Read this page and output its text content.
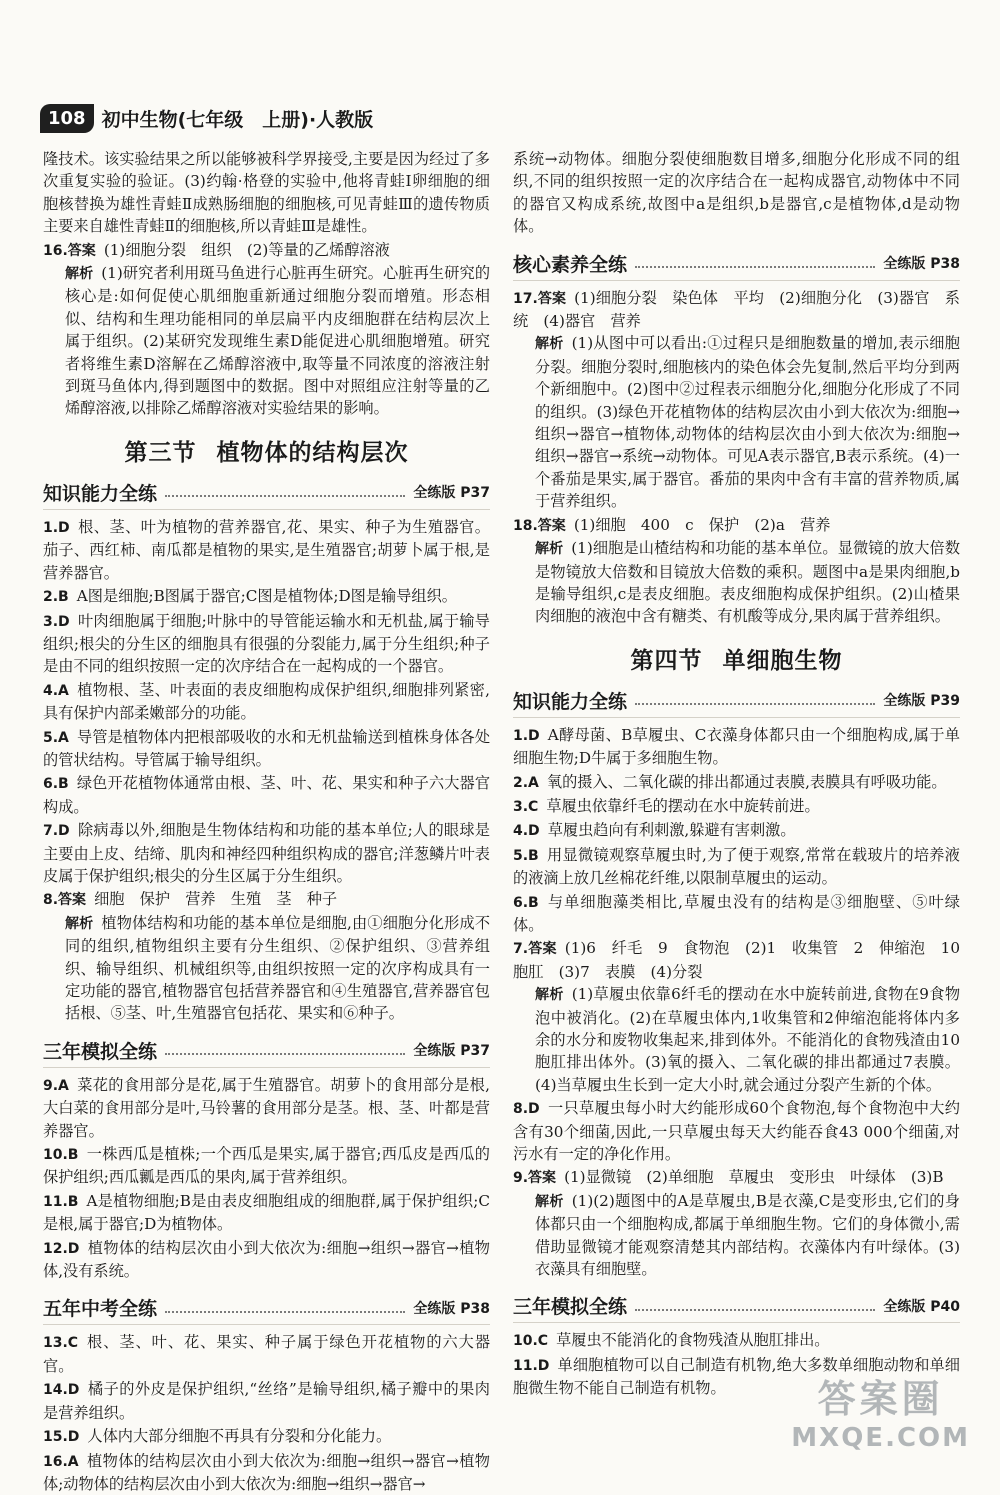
108 初中生物(七年级　上册)·人教版

隆技术。该实验结果之所以能够被科学界接受,主要是因为经过了多次重复实验的验证。(3)约翰·格登的实验中,他将青蛙Ⅰ卵细胞的细胞核替换为雄性青蛙Ⅱ成熟肠细胞的细胞核,可见青蛙Ⅲ的遗传物质主要来自雄性青蛙Ⅱ的细胞核,所以青蛙Ⅲ是雄性。

16.答案 (1)细胞分裂　组织　(2)等量的乙烯醇溶液

解析 (1)研究者利用斑马鱼进行心脏再生研究。心脏再生研究的核心是:如何促使心肌细胞重新通过细胞分裂而增殖。形态相似、结构和生理功能相同的单层扁平内皮细胞群在结构层次上属于组织。(2)某研究发现维生素D能促进心肌细胞增殖。研究者将维生素D溶解在乙烯醇溶液中,取等量不同浓度的溶液注射到斑马鱼体内,得到题图中的数据。图中对照组应注射等量的乙烯醇溶液,以排除乙烯醇溶液对实验结果的影响。

第三节 植物体的结构层次
知识能力全练	全练版 P37

1.D 根、茎、叶为植物的营养器官,花、果实、种子为生殖器官。茄子、西红柿、南瓜都是植物的果实,是生殖器官;胡萝卜属于根,是营养器官。

2.B A图是细胞;B图属于器官;C图是植物体;D图是输导组织。

3.D 叶肉细胞属于细胞;叶脉中的导管能运输水和无机盐,属于输导组织;根尖的分生区的细胞具有很强的分裂能力,属于分生组织;种子是由不同的组织按照一定的次序结合在一起构成的一个器官。

4.A 植物根、茎、叶表面的表皮细胞构成保护组织,细胞排列紧密,具有保护内部柔嫩部分的功能。

5.A 导管是植物体内把根部吸收的水和无机盐输送到植株身体各处的管状结构。导管属于输导组织。

6.B 绿色开花植物体通常由根、茎、叶、花、果实和种子六大器官构成。

7.D 除病毒以外,细胞是生物体结构和功能的基本单位;人的眼球是主要由上皮、结缔、肌肉和神经四种组织构成的器官;洋葱鳞片叶表皮属于保护组织;根尖的分生区属于分生组织。

8.答案 细胞　保护　营养　生殖　茎　种子

解析 植物体结构和功能的基本单位是细胞,由①细胞分化形成不同的组织,植物组织主要有分生组织、②保护组织、③营养组织、输导组织、机械组织等,由组织按照一定的次序构成具有一定功能的器官,植物器官包括营养器官和④生殖器官,营养器官包括根、⑤茎、叶,生殖器官包括花、果实和⑥种子。

三年模拟全练	全练版 P37

9.A 菜花的食用部分是花,属于生殖器官。胡萝卜的食用部分是根,大白菜的食用部分是叶,马铃薯的食用部分是茎。根、茎、叶都是营养器官。

10.B 一株西瓜是植株;一个西瓜是果实,属于器官;西瓜皮是西瓜的保护组织;西瓜瓤是西瓜的果肉,属于营养组织。

11.B A是植物细胞;B是由表皮细胞组成的细胞群,属于保护组织;C是根,属于器官;D为植物体。

12.D 植物体的结构层次由小到大依次为:细胞→组织→器官→植物体,没有系统。

五年中考全练	全练版 P38

13.C 根、茎、叶、花、果实、种子属于绿色开花植物的六大器官。

14.D 橘子的外皮是保护组织,“丝络”是输导组织,橘子瓣中的果肉是营养组织。

15.D 人体内大部分细胞不再具有分裂和分化能力。

16.A 植物体的结构层次由小到大依次为:细胞→组织→器官→植物体;动物体的结构层次由小到大依次为:细胞→组织→器官→

系统→动物体。细胞分裂使细胞数目增多,细胞分化形成不同的组织,不同的组织按照一定的次序结合在一起构成器官,动物体中不同的器官又构成系统,故图中a是组织,b是器官,c是植物体,d是动物体。

核心素养全练	全练版 P38

17.答案 (1)细胞分裂　染色体　平均　(2)细胞分化　(3)器官　系统　(4)器官　营养

解析 (1)从图中可以看出:①过程只是细胞数量的增加,表示细胞分裂。细胞分裂时,细胞核内的染色体会先复制,然后平均分到两个新细胞中。(2)图中②过程表示细胞分化,细胞分化形成了不同的组织。(3)绿色开花植物体的结构层次由小到大依次为:细胞→组织→器官→植物体,动物体的结构层次由小到大依次为:细胞→组织→器官→系统→动物体。可见A表示器官,B表示系统。(4)一个番茄是果实,属于器官。番茄的果肉中含有丰富的营养物质,属于营养组织。

18.答案 (1)细胞　400　c　保护　(2)a　营养

解析 (1)细胞是山楂结构和功能的基本单位。显微镜的放大倍数是物镜放大倍数和目镜放大倍数的乘积。题图中a是果肉细胞,b是输导组织,c是表皮细胞。表皮细胞构成保护组织。(2)山楂果肉细胞的液泡中含有糖类、有机酸等成分,果肉属于营养组织。

第四节 单细胞生物
知识能力全练	全练版 P39

1.D A酵母菌、B草履虫、C衣藻身体都只由一个细胞构成,属于单细胞生物;D牛属于多细胞生物。

2.A 氧的摄入、二氧化碳的排出都通过表膜,表膜具有呼吸功能。

3.C 草履虫依靠纤毛的摆动在水中旋转前进。

4.D 草履虫趋向有利刺激,躲避有害刺激。

5.B 用显微镜观察草履虫时,为了便于观察,常常在载玻片的培养液的液滴上放几丝棉花纤维,以限制草履虫的运动。

6.B 与单细胞藻类相比,草履虫没有的结构是③细胞壁、⑤叶绿体。

7.答案 (1)6　纤毛　9　食物泡　(2)1　收集管　2　伸缩泡　10　胞肛　(3)7　表膜　(4)分裂

解析 (1)草履虫依靠6纤毛的摆动在水中旋转前进,食物在9食物泡中被消化。(2)在草履虫体内,1收集管和2伸缩泡能将体内多余的水分和废物收集起来,排到体外。不能消化的食物残渣由10胞肛排出体外。(3)氧的摄入、二氧化碳的排出都通过7表膜。(4)当草履虫生长到一定大小时,就会通过分裂产生新的个体。

8.D 一只草履虫每小时大约能形成60个食物泡,每个食物泡中大约含有30个细菌,因此,一只草履虫每天大约能吞食43 000个细菌,对污水有一定的净化作用。

9.答案 (1)显微镜　(2)单细胞　草履虫　变形虫　叶绿体　(3)B

解析 (1)(2)题图中的A是草履虫,B是衣藻,C是变形虫,它们的身体都只由一个细胞构成,都属于单细胞生物。它们的身体微小,需借助显微镜才能观察清楚其内部结构。衣藻体内有叶绿体。(3)衣藻具有细胞壁。

三年模拟全练	全练版 P40

10.C 草履虫不能消化的食物残渣从胞肛排出。

11.D 单细胞植物可以自己制造有机物,绝大多数单细胞动物和单细胞微生物不能自己制造有机物。	答案圈
MXQE.COM
